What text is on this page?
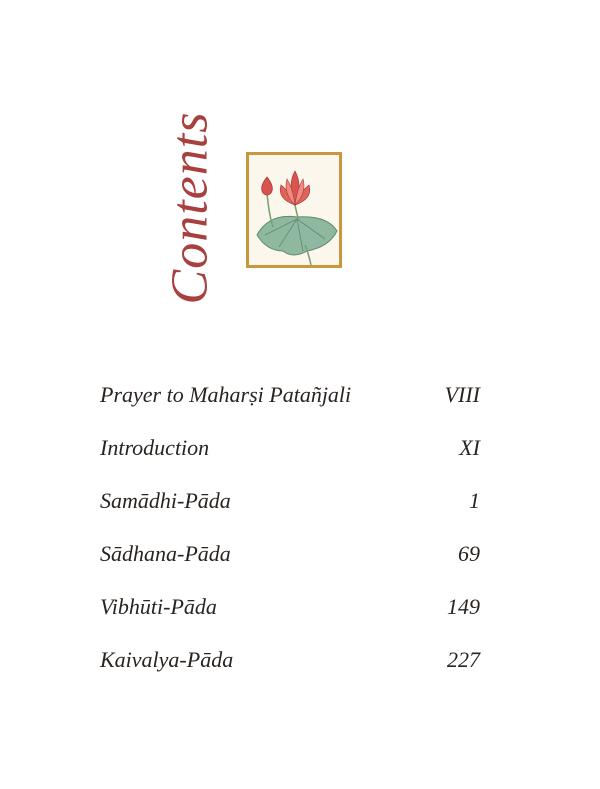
Contents
Prayer to Maharṣi Patañjali	VIII
Introduction	XI
Samādhi-Pāda	1
Sādhana-Pāda	69
Vibhūti-Pāda	149
Kaivalya-Pāda	227
